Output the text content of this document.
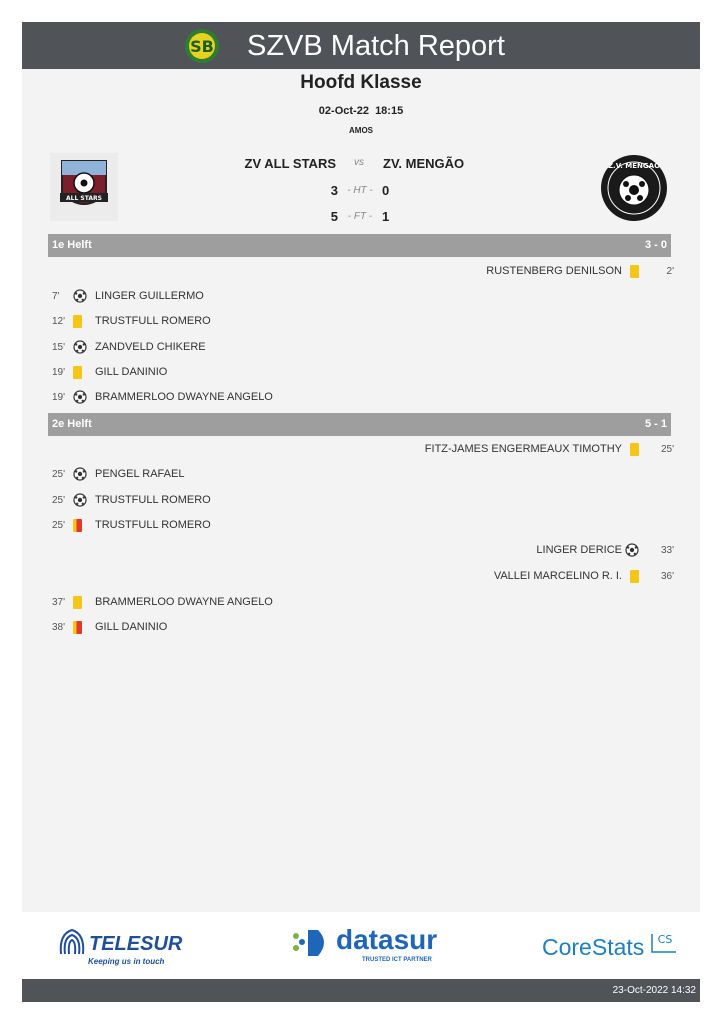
SB SZVB Match Report
Hoofd Klasse
02-Oct-22 18:15
AMOS
ALL STARS
Z.V. MENGAO
ZV ALL STARS vs ZV. MENGÃO
3 - HT - 0
5 - FT - 1
1e Helft	3 - 0
RUSTENBERG DENILSON	2'
7'	LINGER GUILLERMO
12'	TRUSTFULL ROMERO
15'	ZANDVELD CHIKERE
19'	GILL DANINIO
19'	BRAMMERLOO DWAYNE ANGELO
2e Helft	5 - 1
FITZ-JAMES ENGERMEAUX TIMOTHY	25'
25'	PENGEL RAFAEL
25'	TRUSTFULL ROMERO
25'	TRUSTFULL ROMERO
LINGER DERICE	33'
VALLEI MARCELINO R. I.	36'
37'	BRAMMERLOO DWAYNE ANGELO
38'	GILL DANINIO
TELESUR
Keeping us in touch
datasur
TRUSTED ICT PARTNER	CoreStats CS
23-Oct-2022 14:32
